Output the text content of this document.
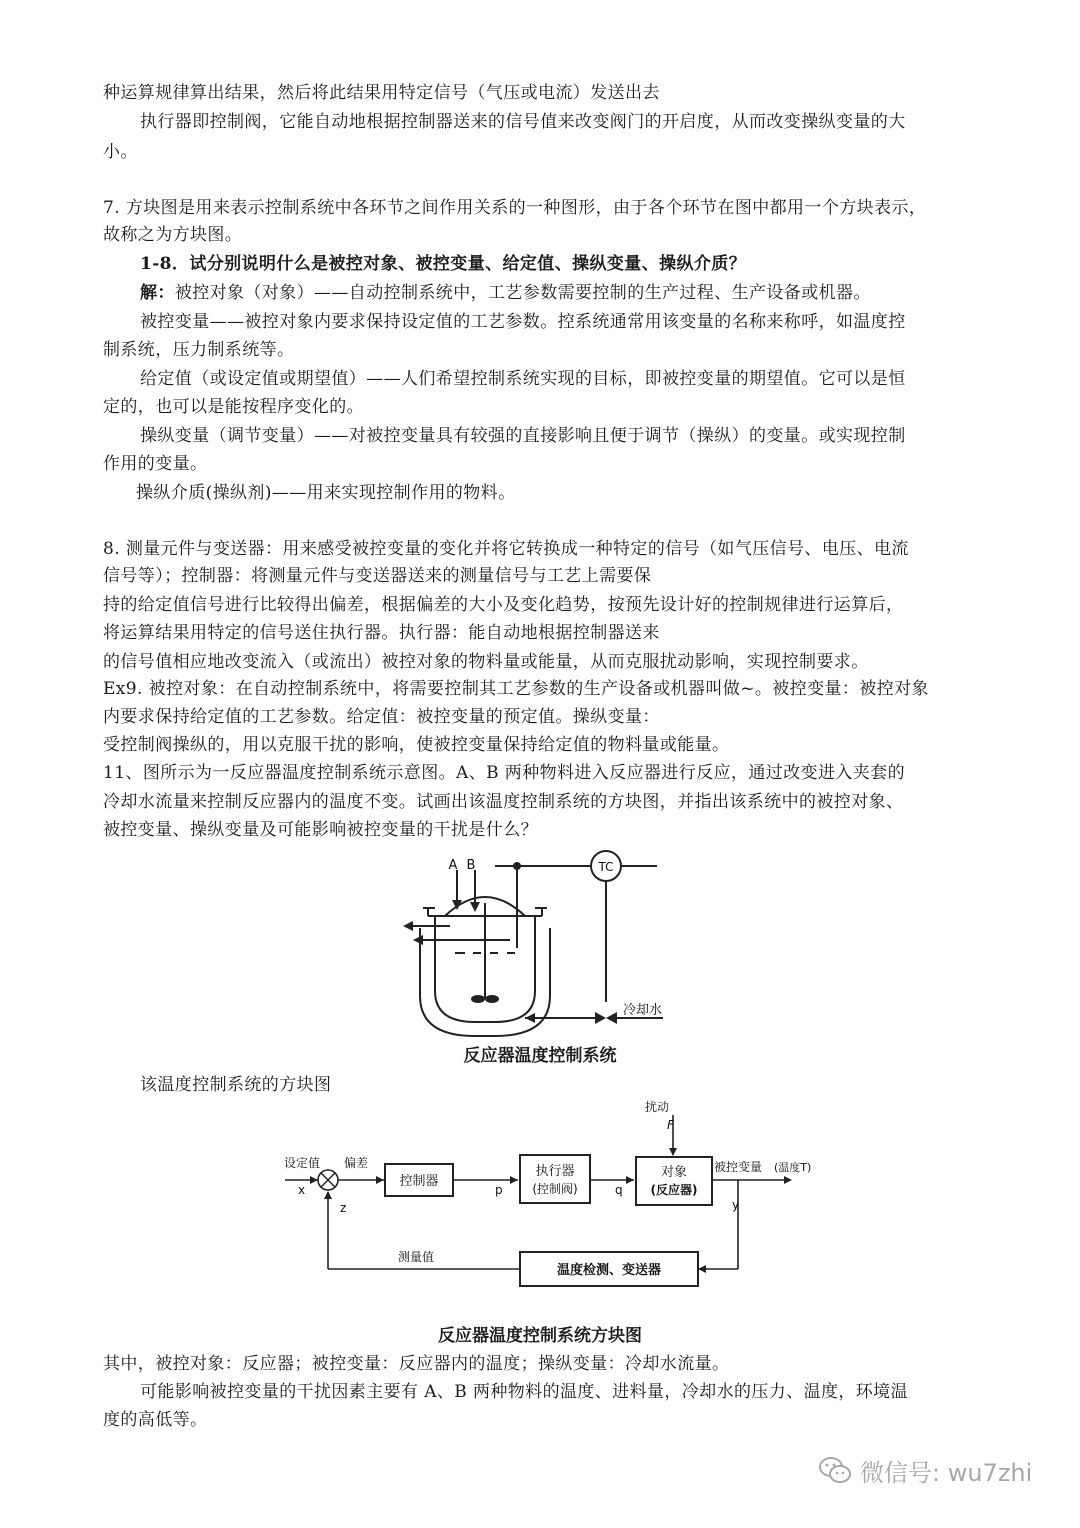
种运算规律算出结果，然后将此结果用特定信号（气压或电流）发送出去
执行器即控制阀，它能自动地根据控制器送来的信号值来改变阀门的开启度，从而改变操纵变量的大
小。
7. 方块图是用来表示控制系统中各环节之间作用关系的一种图形，由于各个环节在图中都用一个方块表示，
故称之为方块图。
1-8．试分别说明什么是被控对象、被控变量、给定值、操纵变量、操纵介质？
解：被控对象（对象）——自动控制系统中，工艺参数需要控制的生产过程、生产设备或机器。
被控变量——被控对象内要求保持设定值的工艺参数。控系统通常用该变量的名称来称呼，如温度控
制系统，压力制系统等。
给定值（或设定值或期望值）——人们希望控制系统实现的目标，即被控变量的期望值。它可以是恒
定的，也可以是能按程序变化的。
操纵变量（调节变量）——对被控变量具有较强的直接影响且便于调节（操纵）的变量。或实现控制
作用的变量。
操纵介质(操纵剂)——用来实现控制作用的物料。
8. 测量元件与变送器：用来感受被控变量的变化并将它转换成一种特定的信号（如气压信号、电压、电流
信号等）；控制器：将测量元件与变送器送来的测量信号与工艺上需要保
持的给定值信号进行比较得出偏差，根据偏差的大小及变化趋势，按预先设计好的控制规律进行运算后，
将运算结果用特定的信号送住执行器。执行器：能自动地根据控制器送来
的信号值相应地改变流入（或流出）被控对象的物料量或能量，从而克服扰动影响，实现控制要求。
Ex9. 被控对象：在自动控制系统中，将需要控制其工艺参数的生产设备或机器叫做~。被控变量：被控对象
内要求保持给定值的工艺参数。给定值：被控变量的预定值。操纵变量：
受控制阀操纵的，用以克服干扰的影响，使被控变量保持给定值的物料量或能量。
11、图所示为一反应器温度控制系统示意图。A、B 两种物料进入反应器进行反应，通过改变进入夹套的
冷却水流量来控制反应器内的温度不变。试画出该温度控制系统的方块图，并指出该系统中的被控对象、
被控变量、操纵变量及可能影响被控变量的干扰是什么？
TC
A B
冷却水
反应器温度控制系统
该温度控制系统的方块图
设定值
x
偏差
控制器
p
执行器
(控制阀)	q
对象
(反应器)
扰动
F
被控变量 (温度T)
y
z
测量值
温度检测、变送器
反应器温度控制系统方块图
其中，被控对象：反应器；被控变量：反应器内的温度；操纵变量：冷却水流量。
可能影响被控变量的干扰因素主要有 A、B 两种物料的温度、进料量，冷却水的压力、温度，环境温
度的高低等。
微信号: wu7zhi
